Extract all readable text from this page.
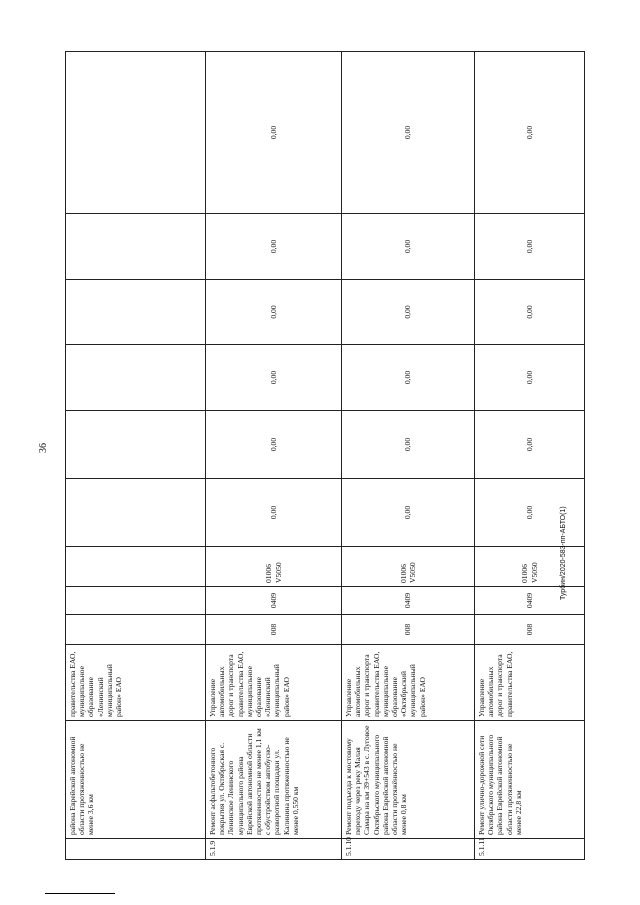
36
	района Еврейской автономной области протяженностью не менее 3,6 км	правительства ЕАО, муниципальное образование «Ленинский муниципальный район» ЕАО									
5.1.9	Ремонт асфальтобетонного покрытия ул. Октябрьская с. Ленинское Ленинского муниципального района Еврейской автономной области протяженностью не менее 1,1 км с обустройством автобусно-разворотной площадки ул. Калинина протяженностью не менее 0,550 км	Управление автомобильных дорог и транспорта правительства ЕАО, муниципальное образование «Ленинский муниципальный район» ЕАО	008	0409	01006 V5050	0,00	0,00	0,00	0,00	0,00	0,00
5.1.10	Ремонт подъезда к мостовому переходу через реку Малая Самара на км 39+543 в с. Луговое Октябрьского муниципального района Еврейской автономной области протяжённостью не менее 0,8 км	Управление автомобильных дорог и транспорта правительства ЕАО, муниципальное образование «Октябрьский муниципальный район» ЕАО	008	0409	01006 V5050	0,00	0,00	0,00	0,00	0,00	0,00
5.1.11	Ремонт улично-дорожной сети Октябрьского муниципального района Еврейской автономной области протяженностью не менее 22,8 км	Управление автомобильных дорог и транспорта правительства ЕАО,	008	0409	01006 V5050	0,00	0,00	0,00	0,00	0,00	0,00
Турбин/2020-583-пп-АБТО(1)
